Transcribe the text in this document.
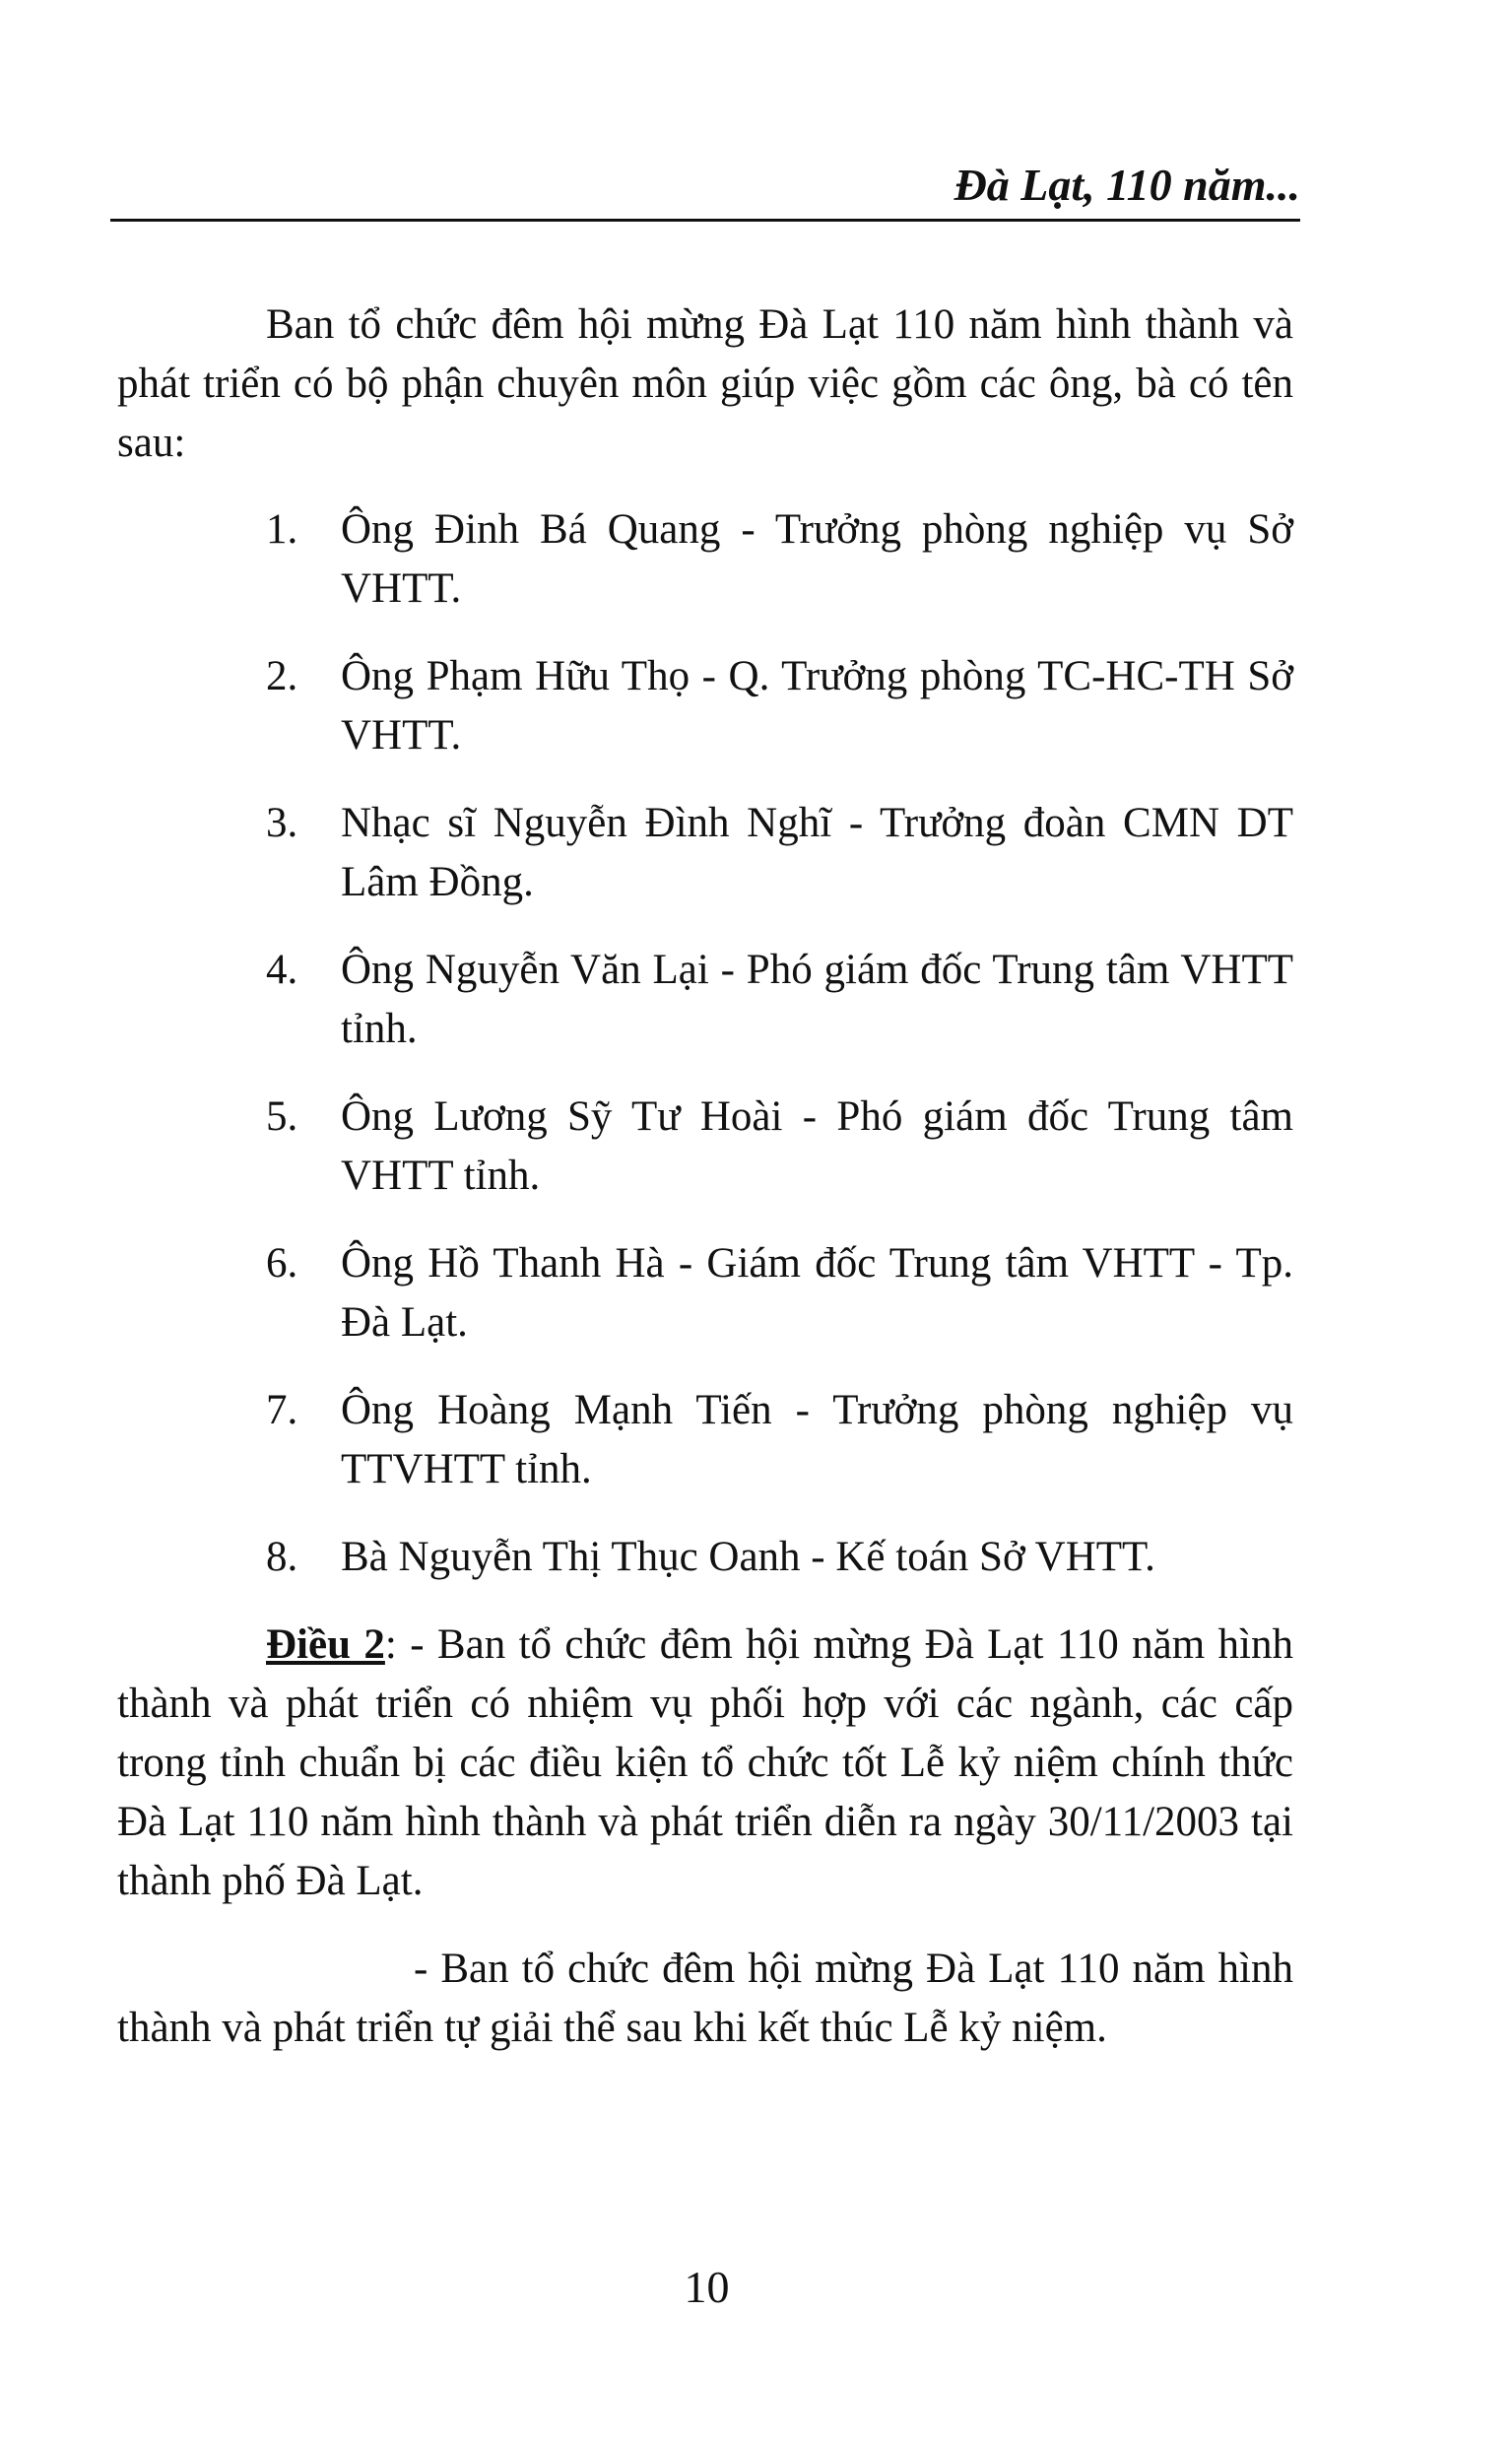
Đà Lạt, 110 năm...

Ban tổ chức đêm hội mừng Đà Lạt 110 năm hình thành và phát triển có bộ phận chuyên môn giúp việc gồm các ông, bà có tên sau:

1. Ông Đinh Bá Quang - Trưởng phòng nghiệp vụ Sở VHTT.
2. Ông Phạm Hữu Thọ - Q. Trưởng phòng TC-HC-TH Sở VHTT.
3. Nhạc sĩ Nguyễn Đình Nghĩ - Trưởng đoàn CMN DT Lâm Đồng.
4. Ông Nguyễn Văn Lại - Phó giám đốc Trung tâm VHTT tỉnh.
5. Ông Lương Sỹ Tư Hoài - Phó giám đốc Trung tâm VHTT tỉnh.
6. Ông Hồ Thanh Hà - Giám đốc Trung tâm VHTT - Tp. Đà Lạt.
7. Ông Hoàng Mạnh Tiến - Trưởng phòng nghiệp vụ TTVHTT tỉnh.
8. Bà Nguyễn Thị Thục Oanh - Kế toán Sở VHTT.

Điều 2: - Ban tổ chức đêm hội mừng Đà Lạt 110 năm hình thành và phát triển có nhiệm vụ phối hợp với các ngành, các cấp trong tỉnh chuẩn bị các điều kiện tổ chức tốt Lễ kỷ niệm chính thức Đà Lạt 110 năm hình thành và phát triển diễn ra ngày 30/11/2003 tại thành phố Đà Lạt.

- Ban tổ chức đêm hội mừng Đà Lạt 110 năm hình thành và phát triển tự giải thể sau khi kết thúc Lễ kỷ niệm.

10
